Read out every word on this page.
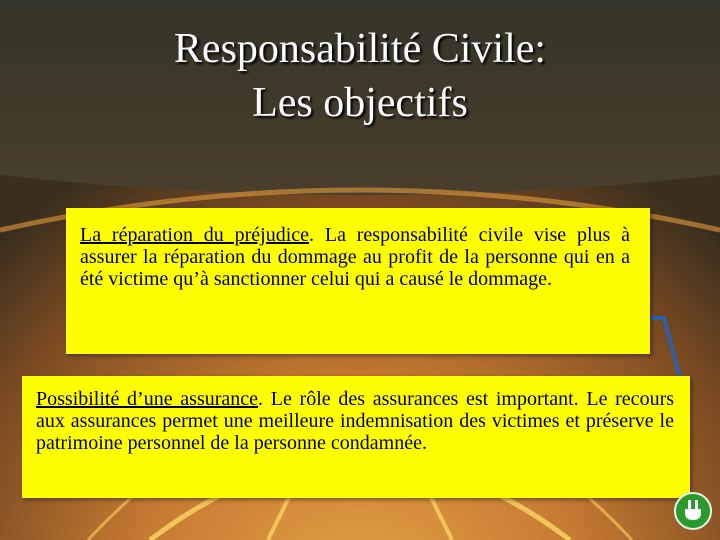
Responsabilité Civile:
Les objectifs
La réparation du préjudice. La responsabilité civile vise plus à assurer la réparation du dommage au profit de la personne qui en a été victime qu’à sanctionner celui qui a causé le dommage.
Possibilité d’une assurance. Le rôle des assurances est important. Le recours aux assurances permet une meilleure indemnisation des victimes et préserve le patrimoine personnel de la personne condamnée.
